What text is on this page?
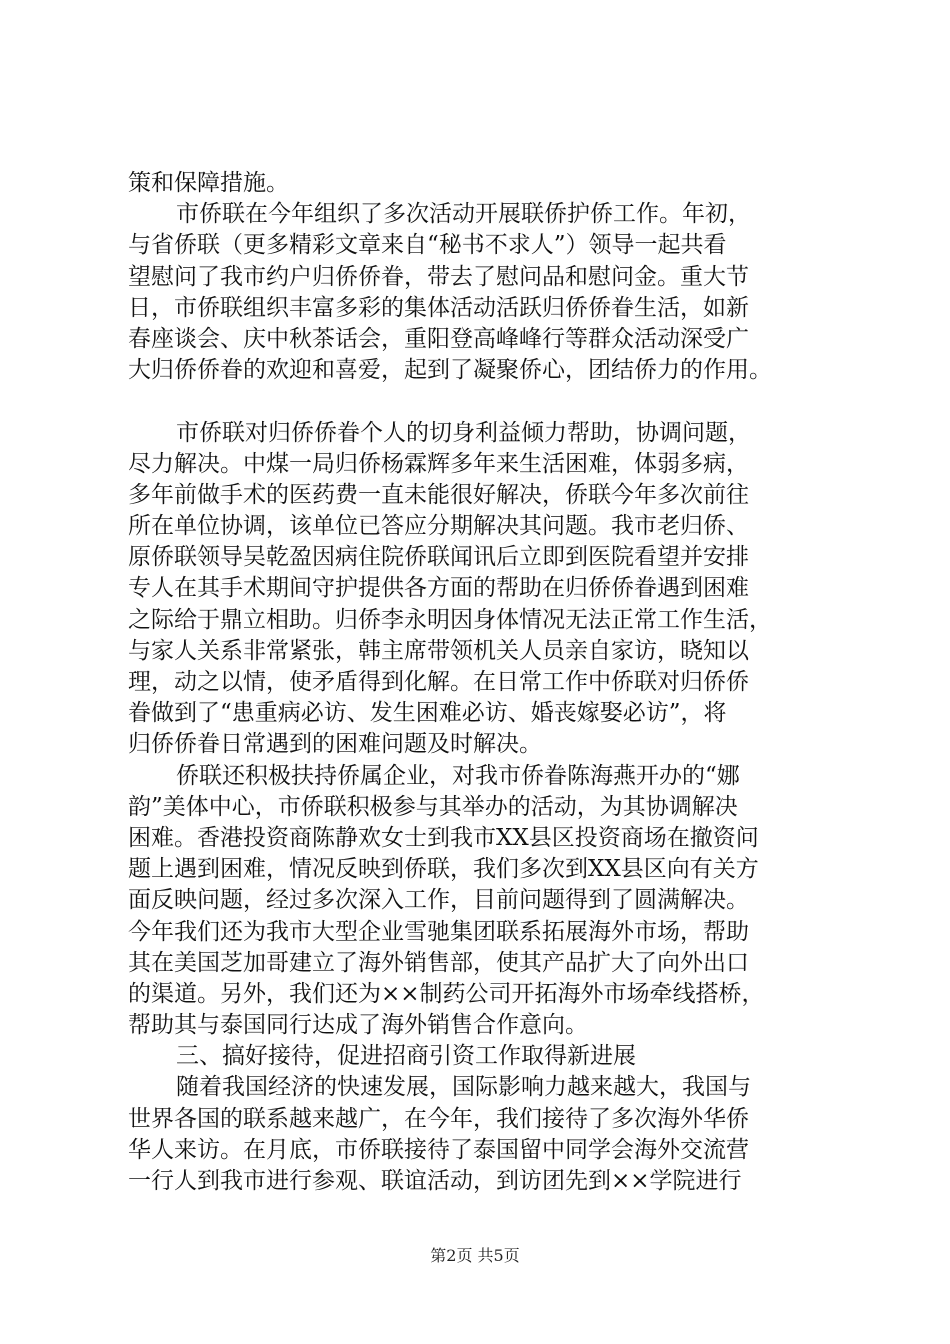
策和保障措施。
市侨联在今年组织了多次活动开展联侨护侨工作。年初，
与省侨联（更多精彩文章来自“秘书不求人”）领导一起共看
望慰问了我市约户归侨侨眷，带去了慰问品和慰问金。重大节
日，市侨联组织丰富多彩的集体活动活跃归侨侨眷生活，如新
春座谈会、庆中秋茶话会，重阳登高峰峰行等群众活动深受广
大归侨侨眷的欢迎和喜爱，起到了凝聚侨心，团结侨力的作用。
市侨联对归侨侨眷个人的切身利益倾力帮助，协调问题，
尽力解决。中煤一局归侨杨霖辉多年来生活困难，体弱多病，
多年前做手术的医药费一直未能很好解决，侨联今年多次前往
所在单位协调，该单位已答应分期解决其问题。我市老归侨、
原侨联领导吴乾盈因病住院侨联闻讯后立即到医院看望并安排
专人在其手术期间守护提供各方面的帮助在归侨侨眷遇到困难
之际给于鼎立相助。归侨李永明因身体情况无法正常工作生活，
与家人关系非常紧张，韩主席带领机关人员亲自家访，晓知以
理，动之以情，使矛盾得到化解。在日常工作中侨联对归侨侨
眷做到了“患重病必访、发生困难必访、婚丧嫁娶必访”，将
归侨侨眷日常遇到的困难问题及时解决。
侨联还积极扶持侨属企业，对我市侨眷陈海燕开办的“娜
韵”美体中心，市侨联积极参与其举办的活动，为其协调解决
困难。香港投资商陈静欢女士到我市XX县区投资商场在撤资问
题上遇到困难，情况反映到侨联，我们多次到XX县区向有关方
面反映问题，经过多次深入工作，目前问题得到了圆满解决。
今年我们还为我市大型企业雪驰集团联系拓展海外市场，帮助
其在美国芝加哥建立了海外销售部，使其产品扩大了向外出口
的渠道。另外，我们还为××制药公司开拓海外市场牵线搭桥，
帮助其与泰国同行达成了海外销售合作意向。
三、搞好接待，促进招商引资工作取得新进展
随着我国经济的快速发展，国际影响力越来越大，我国与
世界各国的联系越来越广，在今年，我们接待了多次海外华侨
华人来访。在月底，市侨联接待了泰国留中同学会海外交流营
一行人到我市进行参观、联谊活动，到访团先到××学院进行
第2页 共5页
